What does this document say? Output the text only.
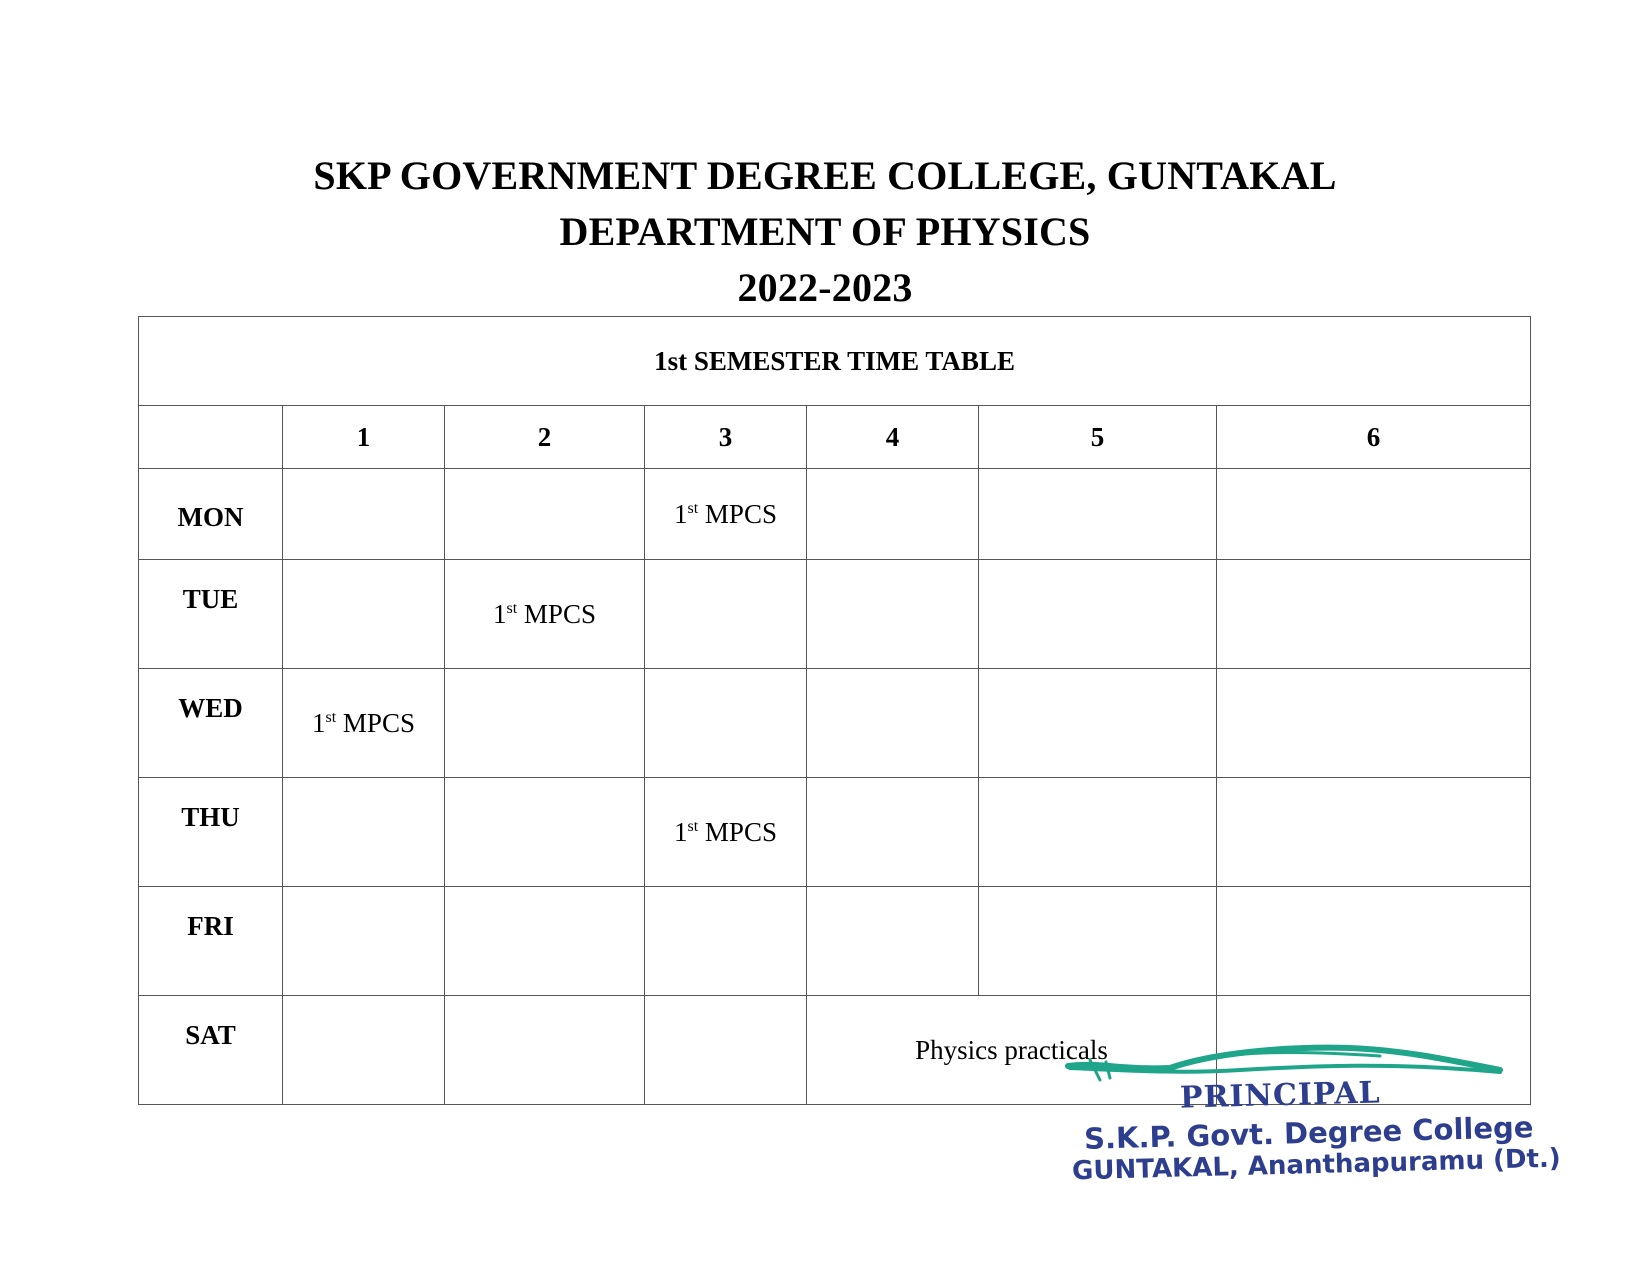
SKP GOVERNMENT DEGREE COLLEGE, GUNTAKAL
DEPARTMENT OF PHYSICS
2022-2023
1st SEMESTER TIME TABLE						
	1	2	3	4	5	6
MON			1st MPCS			
TUE		1st MPCS				
WED	1st MPCS					
THU			1st MPCS			
FRI						
SAT				Physics practicals		
PRINCIPAL
S.K.P. Govt. Degree College
GUNTAKAL, Ananthapuramu (Dt.)
